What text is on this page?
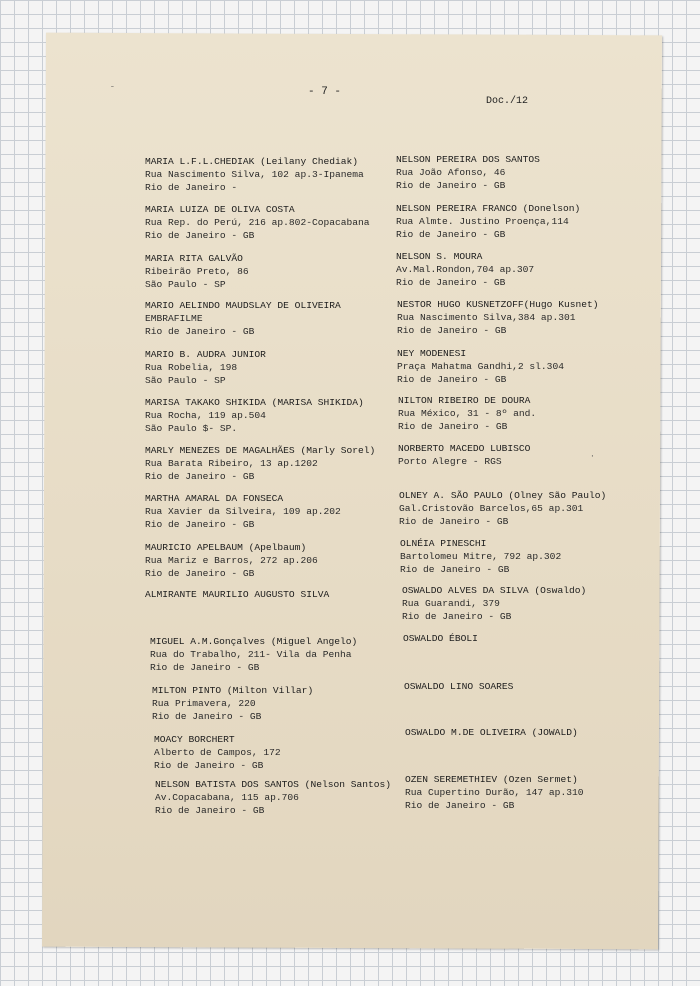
- 7 -
Doc./12
˘
·
MARIA L.F.L.CHEDIAK (Leilany Chediak)
Rua Nascimento Silva, 102 ap.3-Ipanema
Rio de Janeiro -
MARIA LUIZA DE OLIVA COSTA
Rua Rep. do Perú, 216 ap.802-Copacabana
Rio de Janeiro - GB
MARIA RITA GALVÃO
Ribeirão Preto, 86
São Paulo - SP
MARIO AELINDO MAUDSLAY DE OLIVEIRA
EMBRAFILME
Rio de Janeiro - GB
MARIO B. AUDRA JUNIOR
Rua Robelia, 198
São Paulo - SP
MARISA TAKAKO SHIKIDA (MARISA SHIKIDA)
Rua Rocha, 119 ap.504
São Paulo $- SP.
MARLY MENEZES DE MAGALHÃES (Marly Sorel)
Rua Barata Ribeiro, 13 ap.1202
Rio de Janeiro - GB
MARTHA AMARAL DA FONSECA
Rua Xavier da Silveira, 109 ap.202
Rio de Janeiro - GB
MAURICIO APELBAUM (Apelbaum)
Rua Mariz e Barros, 272 ap.206
Rio de Janeiro - GB
ALMIRANTE MAURILIO AUGUSTO SILVA
MIGUEL A.M.Gonçalves (Miguel Angelo)
Rua do Trabalho, 211- Vila da Penha
Rio de Janeiro - GB
MILTON PINTO (Milton Villar)
Rua Primavera, 220
Rio de Janeiro - GB
MOACY BORCHERT
Alberto de Campos, 172
Rio de Janeiro - GB
NELSON BATISTA DOS SANTOS (Nelson Santos)
Av.Copacabana, 115 ap.706
Rio de Janeiro - GB
NELSON PEREIRA DOS SANTOS
Rua João Afonso, 46
Rio de Janeiro - GB
NELSON PEREIRA FRANCO (Donelson)
Rua Almte. Justino Proença,114
Rio de Janeiro - GB
NELSON S. MOURA
Av.Mal.Rondon,704 ap.307
Rio de Janeiro - GB
NESTOR HUGO KUSNETZOFF(Hugo Kusnet)
Rua Nascimento Silva,384 ap.301
Rio de Janeiro - GB
NEY MODENESI
Praça Mahatma Gandhi,2 sl.304
Rio de Janeiro - GB
NILTON RIBEIRO DE DOURA
Rua México, 31 - 8º and.
Rio de Janeiro - GB
NORBERTO MACEDO LUBISCO
Porto Alegre - RGS
OLNEY A. SÃO PAULO (Olney São Paulo)
Gal.Cristovão Barcelos,65 ap.301
Rio de Janeiro - GB
OLNÉIA PINESCHI
Bartolomeu Mitre, 792 ap.302
Rio de Janeiro - GB
OSWALDO ALVES DA SILVA (Oswaldo)
Rua Guarandi, 379
Rio de Janeiro - GB
OSWALDO ÉBOLI
OSWALDO LINO SOARES
OSWALDO M.DE OLIVEIRA (JOWALD)
OZEN SEREMETHIEV (Ozen Sermet)
Rua Cupertino Durão, 147 ap.310
Rio de Janeiro - GB
